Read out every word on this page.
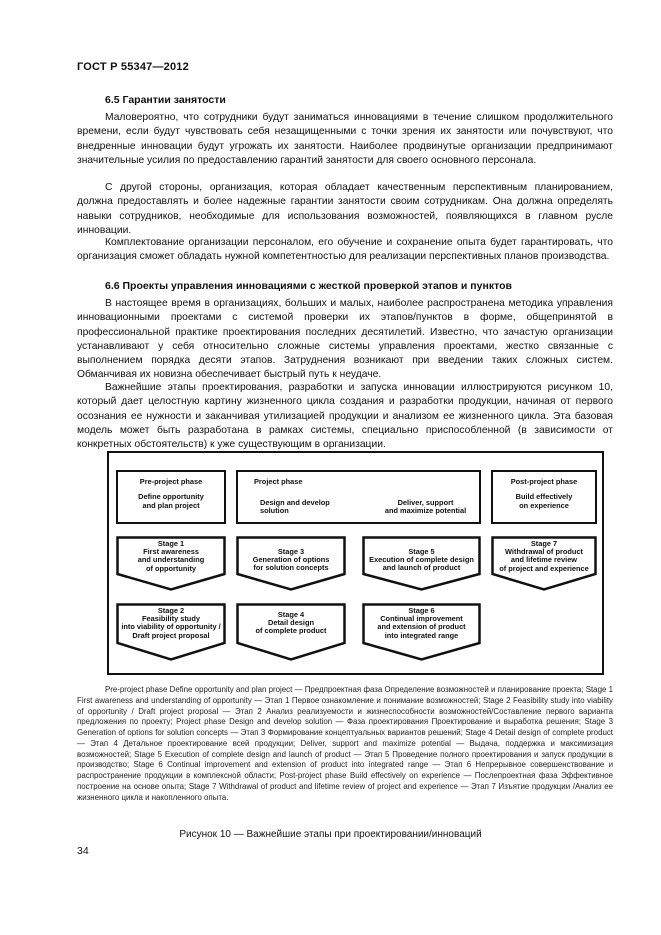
ГОСТ Р 55347—2012
6.5 Гарантии занятости

Маловероятно, что сотрудники будут заниматься инновациями в течение слишком продолжительного времени, если будут чувствовать себя незащищенными с точки зрения их занятости или почувствуют, что внедренные инновации будут угрожать их занятости. Наиболее продвинутые организации предпринимают значительные усилия по предоставлению гарантий занятости для своего основного персонала.

С другой стороны, организация, которая обладает качественным перспективным планированием, должна предоставлять и более надежные гарантии занятости своим сотрудникам. Она должна определять навыки сотрудников, необходимые для использования возможностей, появляющихся в главном русле инновации.

Комплектование организации персоналом, его обучение и сохранение опыта будет гарантировать, что организация сможет обладать нужной компетентностью для реализации перспективных планов производства.

6.6 Проекты управления инновациями с жесткой проверкой этапов и пунктов

В настоящее время в организациях, больших и малых, наиболее распространена методика управления инновационными проектами с системой проверки их этапов/пунктов в форме, общепринятой в профессиональной практике проектирования последних десятилетий. Известно, что зачастую организации устанавливают у себя относительно сложные системы управления проектами, жестко связанные с выполнением порядка десяти этапов. Затруднения возникают при введении таких сложных систем. Обманчивая их новизна обеспечивает быстрый путь к неудаче.

Важнейшие этапы проектирования, разработки и запуска инновации иллюстрируются рисунком 10, который дает целостную картину жизненного цикла создания и разработки продукции, начиная от первого осознания ее нужности и заканчивая утилизацией продукции и анализом ее жизненного цикла. Эта базовая модель может быть разработана в рамках системы, специально приспособленной (в зависимости от конкретных обстоятельств) к уже существующим в организации.

Pre-project phase
Define opportunity
and plan project
Project phase
Design and develop
solution
Deliver, support
and maximize potential
Post-project phase
Build effectively
on experience
Stage 1
First awareness
and understanding
of opportunity
Stage 3
Generation of options
for solution concepts
Stage 5
Execution of complete design
and launch of product
Stage 7
Withdrawal of product
and lifetime review
of project and experience
Stage 2
Feasibility study
into viability of opportunity /
Draft project proposal
Stage 4
Detail design
of complete product
Stage 6
Continual improvement
and extension of product
into integrated range

Pre-project phase Define opportunity and plan project — Предпроектная фаза Определение возможностей и планирование проекта; Stage 1 First awareness and understanding of opportunity — Этап 1 Первое ознакомление и понимание возможностей; Stage 2 Feasibility study into viability of opportunity / Draft project proposal — Этап 2 Анализ реализуемости и жизнеспособности возможностей/Составление первого варианта предложения по проекту; Project phase Design and develop solution — Фаза проектирования Проектирование и выработка решения; Stage 3 Generation of options for solution concepts — Этап 3 Формирование концептуальных вариантов решений; Stage 4 Detail design of complete product — Этап 4 Детальное проектирование всей продукции; Deliver, support and maximize potential — Выдача, поддержка и максимизация возможностей; Stage 5 Execution of complete design and launch of product — Этап 5 Проведение полного проектирования и запуск продукции в производство; Stage 6 Continual improvement and extension of product into integrated range — Этап 6 Непрерывное совершенствование и распространение продукции в комплексной области; Post-project phase Build effectively on experience — Послепроектная фаза Эффективное построение на основе опыта; Stage 7 Withdrawal of product and lifetime review of project and experience — Этап 7 Изъятие продукции /Анализ ее жизненного цикла и накопленного опыта.

Рисунок 10 — Важнейшие этапы при проектировании/инноваций
34
